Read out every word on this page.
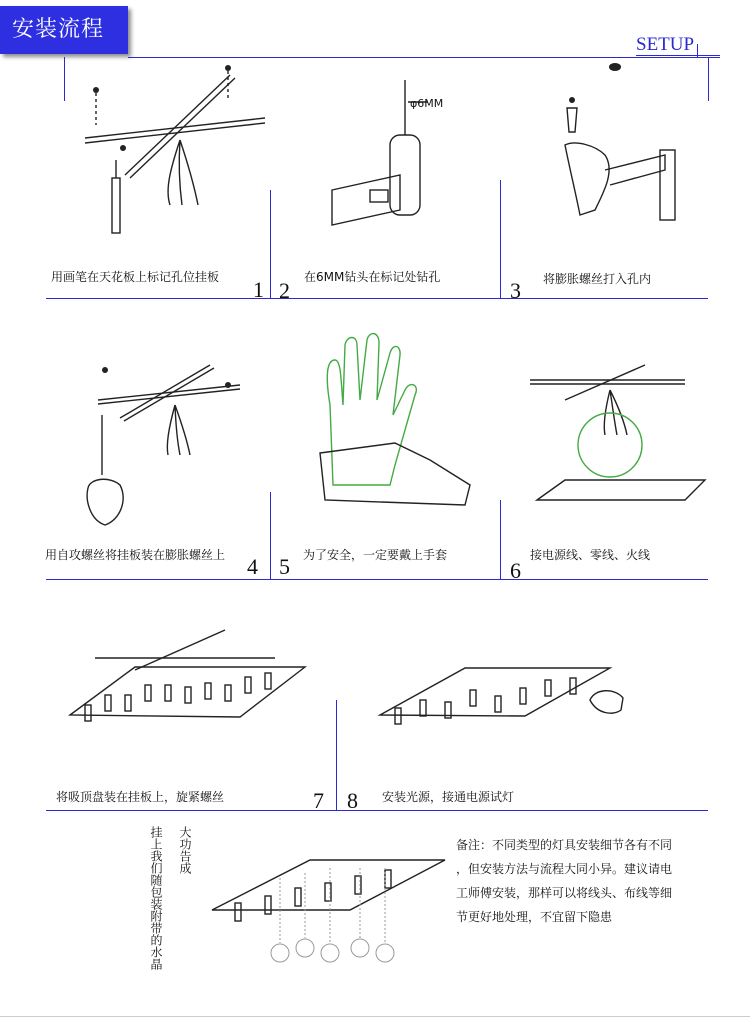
安装流程
SETUP
用画笔在天花板上标记孔位挂板 1
φ6MM
2
在6MM钻头在标记处钻孔
3 将膨胀螺丝打入孔内
用自攻螺丝将挂板装在膨胀螺丝上 4 5 为了安全，一定要戴上手套
6
接电源线、零线、火线
将吸顶盘装在挂板上，旋紧螺丝	7 8 安装光源，接通电源试灯
挂上我们随包装附带的水晶 大功告成	备注：不同类型的灯具安装细节各有不同
，但安装方法与流程大同小异。建议请电
工师傅安装，那样可以将线头、布线等细
节更好地处理，不宜留下隐患
